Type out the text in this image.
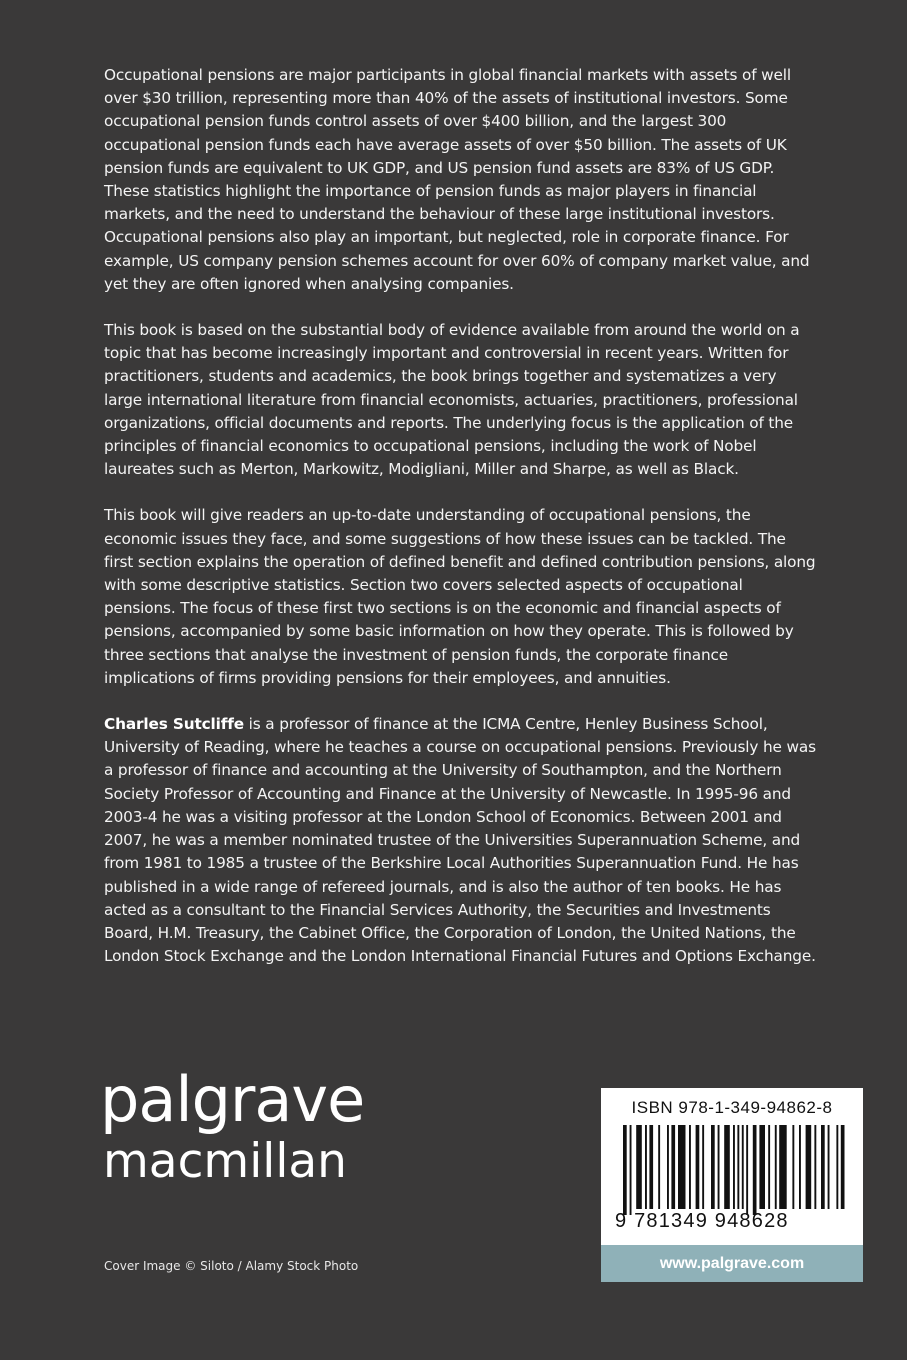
Occupational pensions are major participants in global financial markets with assets of well over $30 trillion, representing more than 40% of the assets of institutional investors. Some occupational pension funds control assets of over $400 billion, and the largest 300 occupational pension funds each have average assets of over $50 billion. The assets of UK pension funds are equivalent to UK GDP, and US pension fund assets are 83% of US GDP. These statistics highlight the importance of pension funds as major players in financial markets, and the need to understand the behaviour of these large institutional investors. Occupational pensions also play an important, but neglected, role in corporate finance. For example, US company pension schemes account for over 60% of company market value, and yet they are often ignored when analysing companies.

This book is based on the substantial body of evidence available from around the world on a topic that has become increasingly important and controversial in recent years. Written for practitioners, students and academics, the book brings together and systematizes a very large international literature from financial economists, actuaries, practitioners, professional organizations, official documents and reports. The underlying focus is the application of the principles of financial economics to occupational pensions, including the work of Nobel laureates such as Merton, Markowitz, Modigliani, Miller and Sharpe, as well as Black.

This book will give readers an up-to-date understanding of occupational pensions, the economic issues they face, and some suggestions of how these issues can be tackled. The first section explains the operation of defined benefit and defined contribution pensions, along with some descriptive statistics. Section two covers selected aspects of occupational pensions. The focus of these first two sections is on the economic and financial aspects of pensions, accompanied by some basic information on how they operate. This is followed by three sections that analyse the investment of pension funds, the corporate finance implications of firms providing pensions for their employees, and annuities.

Charles Sutcliffe is a professor of finance at the ICMA Centre, Henley Business School, University of Reading, where he teaches a course on occupational pensions. Previously he was a professor of finance and accounting at the University of Southampton, and the Northern Society Professor of Accounting and Finance at the University of Newcastle. In 1995-96 and 2003-4 he was a visiting professor at the London School of Economics. Between 2001 and 2007, he was a member nominated trustee of the Universities Superannuation Scheme, and from 1981 to 1985 a trustee of the Berkshire Local Authorities Superannuation Fund. He has published in a wide range of refereed journals, and is also the author of ten books. He has acted as a consultant to the Financial Services Authority, the Securities and Investments Board, H.M. Treasury, the Cabinet Office, the Corporation of London, the United Nations, the London Stock Exchange and the London International Financial Futures and Options Exchange.

palgrave
macmillan
Cover Image © Siloto / Alamy Stock Photo
ISBN 978-1-349-94862-8
9 781349 948628
www.palgrave.com
